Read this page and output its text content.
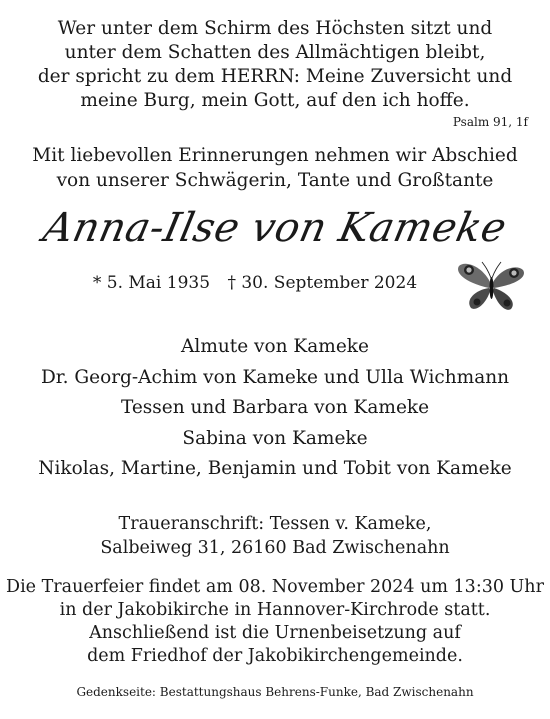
Wer unter dem Schirm des Höchsten sitzt und
unter dem Schatten des Allmächtigen bleibt,
der spricht zu dem HERRN: Meine Zuversicht und
meine Burg, mein Gott, auf den ich hoffe.
Psalm 91, 1f
Mit liebevollen Erinnerungen nehmen wir Abschied
von unserer Schwägerin, Tante und Großtante
Anna-Ilse von Kameke
* 5. Mai 1935 † 30. September 2024
Almute von Kameke
Dr. Georg-Achim von Kameke und Ulla Wichmann
Tessen und Barbara von Kameke
Sabina von Kameke
Nikolas, Martine, Benjamin und Tobit von Kameke
Traueranschrift: Tessen v. Kameke,
Salbeiweg 31, 26160 Bad Zwischenahn
Die Trauerfeier findet am 08. November 2024 um 13:30 Uhr
in der Jakobikirche in Hannover-Kirchrode statt.
Anschließend ist die Urnenbeisetzung auf
dem Friedhof der Jakobikirchengemeinde.
Gedenkseite: Bestattungshaus Behrens-Funke, Bad Zwischenahn
